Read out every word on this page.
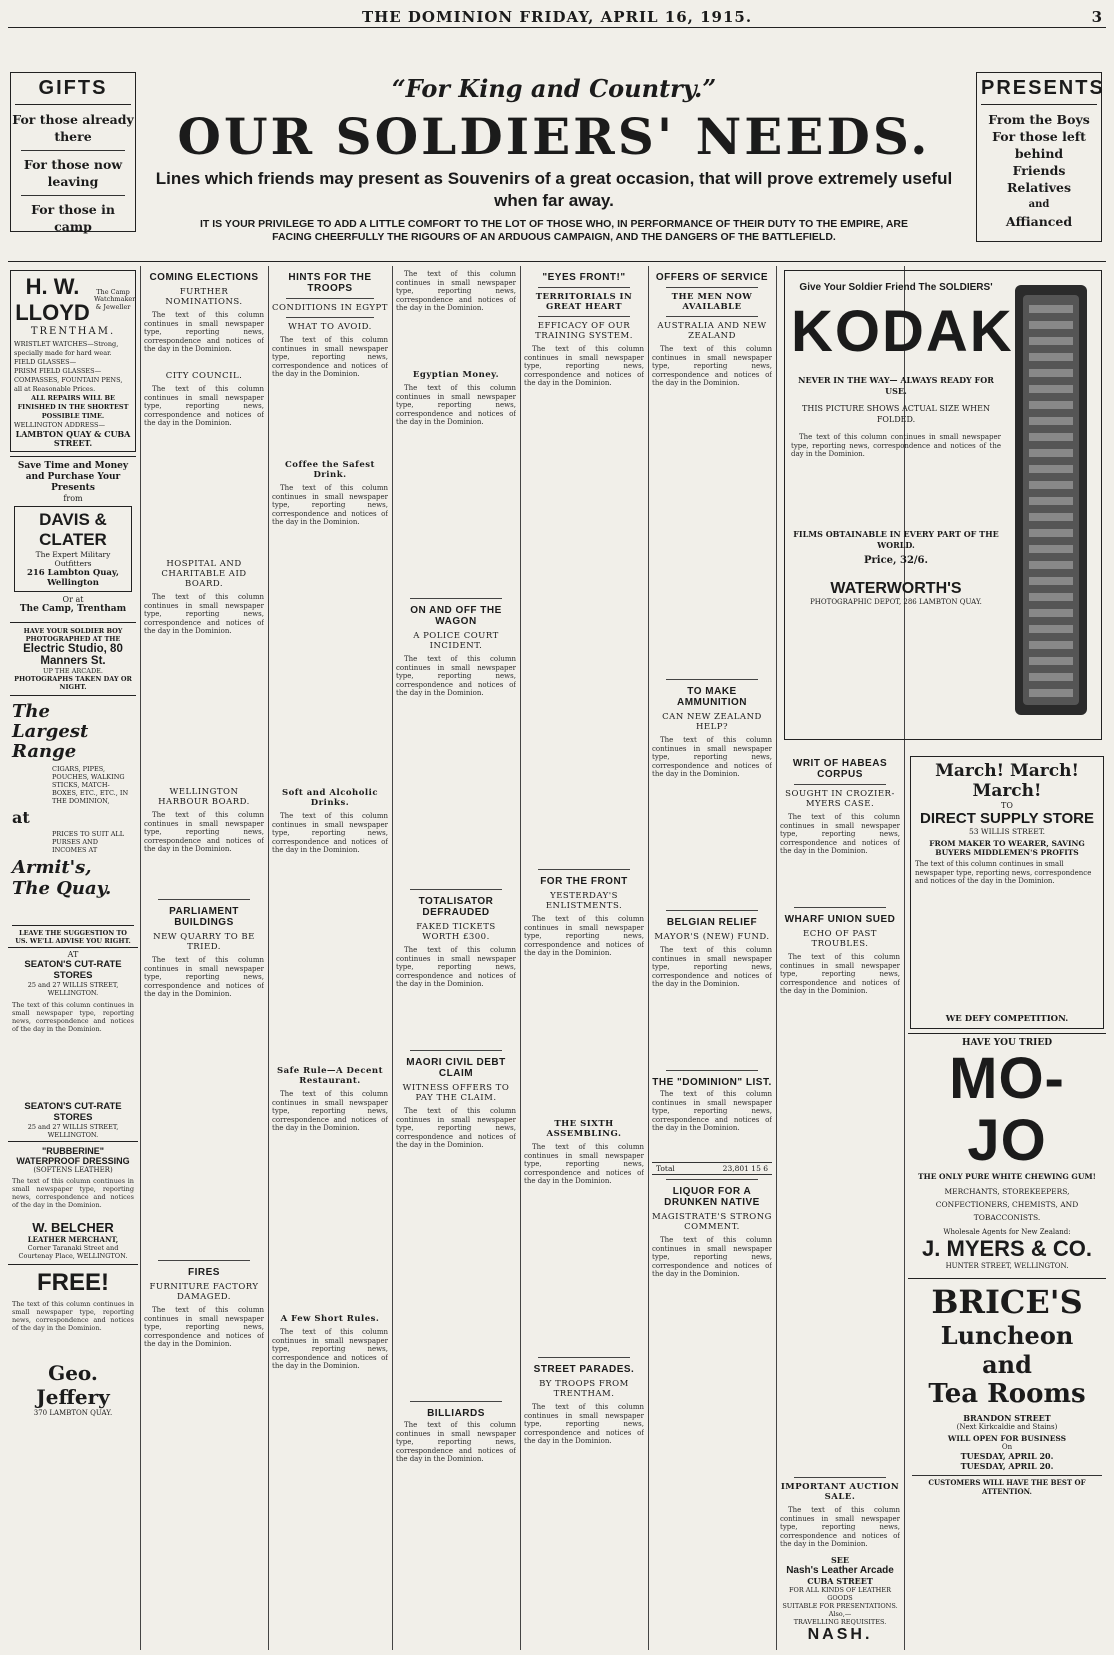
THE DOMINION FRIDAY, APRIL 16, 1915.	3
GIFTS
For those already there
For those now leaving
For those in camp
“For King and Country.”
OUR SOLDIERS' NEEDS.
Lines which friends may present as Souvenirs of a great occasion, that will prove extremely useful when far away.
IT IS YOUR PRIVILEGE TO ADD A LITTLE COMFORT TO THE LOT OF THOSE WHO, IN PERFORMANCE OF THEIR DUTY TO THE EMPIRE, ARE FACING CHEERFULLY THE RIGOURS OF AN ARDUOUS CAMPAIGN, AND THE DANGERS OF THE BATTLEFIELD.
PRESENTS
From the Boys
For those left behind
Friends
Relatives
and
Affianced
H. W. LLOYD
The Camp Watchmaker & Jeweller
TRENTHAM.
WRISTLET WATCHES—Strong, specially made for hard wear.
FIELD GLASSES—
PRISM FIELD GLASSES—
COMPASSES, FOUNTAIN PENS, all at Reasonable Prices.
ALL REPAIRS WILL BE FINISHED IN THE SHORTEST POSSIBLE TIME.
WELLINGTON ADDRESS—
LAMBTON QUAY & CUBA STREET.
Save Time and Money and Purchase Your Presents
from
DAVIS & CLATER
The Expert Military Outfitters
216 Lambton Quay, Wellington
Or at
The Camp, Trentham
HAVE YOUR SOLDIER BOY PHOTOGRAPHED AT THE
Electric Studio, 80 Manners St.
UP THE ARCADE.
PHOTOGRAPHS TAKEN DAY OR NIGHT.
The
Largest
Range
CIGARS, PIPES, POUCHES, WALKING STICKS, MATCH-BOXES, ETC., ETC., IN THE DOMINION,
at
PRICES TO SUIT ALL PURSES AND INCOMES AT
Armit's,
The Quay.
LEAVE THE SUGGESTION TO US. WE'LL ADVISE YOU RIGHT.
AT
SEATON'S CUT-RATE STORES
25 and 27 WILLIS STREET, WELLINGTON.
The text of this column continues in small newspaper type, reporting news, correspondence and notices of the day in the Dominion.
SEATON'S CUT-RATE STORES
25 and 27 WILLIS STREET, WELLINGTON.
"RUBBERINE" WATERPROOF DRESSING
(SOFTENS LEATHER)
The text of this column continues in small newspaper type, reporting news, correspondence and notices of the day in the Dominion.
W. BELCHER
LEATHER MERCHANT,
Corner Taranaki Street and Courtenay Place, WELLINGTON.
FREE!
The text of this column continues in small newspaper type, reporting news, correspondence and notices of the day in the Dominion.
Geo. Jeffery
370 LAMBTON QUAY.
COMING ELECTIONS
FURTHER NOMINATIONS.
The text of this column continues in small newspaper type, reporting news, correspondence and notices of the day in the Dominion.
CITY COUNCIL.
The text of this column continues in small newspaper type, reporting news, correspondence and notices of the day in the Dominion.
HOSPITAL AND CHARITABLE AID BOARD.
The text of this column continues in small newspaper type, reporting news, correspondence and notices of the day in the Dominion.
WELLINGTON HARBOUR BOARD.
The text of this column continues in small newspaper type, reporting news, correspondence and notices of the day in the Dominion.
PARLIAMENT BUILDINGS
NEW QUARRY TO BE TRIED.
The text of this column continues in small newspaper type, reporting news, correspondence and notices of the day in the Dominion.
FIRES
FURNITURE FACTORY DAMAGED.
The text of this column continues in small newspaper type, reporting news, correspondence and notices of the day in the Dominion.
HINTS FOR THE TROOPS
CONDITIONS IN EGYPT
WHAT TO AVOID.
The text of this column continues in small newspaper type, reporting news, correspondence and notices of the day in the Dominion.
Coffee the Safest Drink.
The text of this column continues in small newspaper type, reporting news, correspondence and notices of the day in the Dominion.
Soft and Alcoholic Drinks.
The text of this column continues in small newspaper type, reporting news, correspondence and notices of the day in the Dominion.
Safe Rule—A Decent Restaurant.
The text of this column continues in small newspaper type, reporting news, correspondence and notices of the day in the Dominion.
A Few Short Rules.
The text of this column continues in small newspaper type, reporting news, correspondence and notices of the day in the Dominion.
The text of this column continues in small newspaper type, reporting news, correspondence and notices of the day in the Dominion.
Egyptian Money.
The text of this column continues in small newspaper type, reporting news, correspondence and notices of the day in the Dominion.
ON AND OFF THE WAGON
A POLICE COURT INCIDENT.
The text of this column continues in small newspaper type, reporting news, correspondence and notices of the day in the Dominion.
TOTALISATOR DEFRAUDED
FAKED TICKETS WORTH £300.
The text of this column continues in small newspaper type, reporting news, correspondence and notices of the day in the Dominion.
MAORI CIVIL DEBT CLAIM
WITNESS OFFERS TO PAY THE CLAIM.
The text of this column continues in small newspaper type, reporting news, correspondence and notices of the day in the Dominion.
BILLIARDS
The text of this column continues in small newspaper type, reporting news, correspondence and notices of the day in the Dominion.
"EYES FRONT!"
TERRITORIALS IN GREAT HEART
EFFICACY OF OUR TRAINING SYSTEM.
The text of this column continues in small newspaper type, reporting news, correspondence and notices of the day in the Dominion.
FOR THE FRONT
YESTERDAY'S ENLISTMENTS.
The text of this column continues in small newspaper type, reporting news, correspondence and notices of the day in the Dominion.
THE SIXTH ASSEMBLING.
The text of this column continues in small newspaper type, reporting news, correspondence and notices of the day in the Dominion.
STREET PARADES.
BY TROOPS FROM TRENTHAM.
The text of this column continues in small newspaper type, reporting news, correspondence and notices of the day in the Dominion.
OFFERS OF SERVICE
THE MEN NOW AVAILABLE
AUSTRALIA AND NEW ZEALAND
The text of this column continues in small newspaper type, reporting news, correspondence and notices of the day in the Dominion.
TO MAKE AMMUNITION
CAN NEW ZEALAND HELP?
The text of this column continues in small newspaper type, reporting news, correspondence and notices of the day in the Dominion.
BELGIAN RELIEF
MAYOR'S (NEW) FUND.
The text of this column continues in small newspaper type, reporting news, correspondence and notices of the day in the Dominion.
THE "DOMINION" LIST.
The text of this column continues in small newspaper type, reporting news, correspondence and notices of the day in the Dominion.
Total	23,801 15 6
LIQUOR FOR A DRUNKEN NATIVE
MAGISTRATE'S STRONG COMMENT.
The text of this column continues in small newspaper type, reporting news, correspondence and notices of the day in the Dominion.
Give Your Soldier Friend The SOLDIERS'
KODAK
NEVER IN THE WAY— ALWAYS READY FOR USE.
THIS PICTURE SHOWS ACTUAL SIZE WHEN FOLDED.
The text of this column continues in small newspaper type, reporting news, correspondence and notices of the day in the Dominion.
FILMS OBTAINABLE IN EVERY PART OF THE WORLD.
Price, 32/6.
WATERWORTH'S
PHOTOGRAPHIC DEPOT, 286 LAMBTON QUAY.
WRIT OF HABEAS CORPUS
SOUGHT IN CROZIER-MYERS CASE.
The text of this column continues in small newspaper type, reporting news, correspondence and notices of the day in the Dominion.
WHARF UNION SUED
ECHO OF PAST TROUBLES.
The text of this column continues in small newspaper type, reporting news, correspondence and notices of the day in the Dominion.
IMPORTANT AUCTION SALE.
The text of this column continues in small newspaper type, reporting news, correspondence and notices of the day in the Dominion.
March! March! March!
TO
DIRECT SUPPLY STORE
53 WILLIS STREET.
FROM MAKER TO WEARER, SAVING BUYERS MIDDLEMEN'S PROFITS
The text of this column continues in small newspaper type, reporting news, correspondence and notices of the day in the Dominion.
WE DEFY COMPETITION.
HAVE YOU TRIED
MO-JO
THE ONLY PURE WHITE CHEWING GUM!
MERCHANTS, STOREKEEPERS, CONFECTIONERS, CHEMISTS, AND TOBACCONISTS.
Wholesale Agents for New Zealand:
J. MYERS & CO.
HUNTER STREET, WELLINGTON.
BRICE'S
Luncheon and
Tea Rooms
BRANDON STREET
(Next Kirkcaldie and Stains)
WILL OPEN FOR BUSINESS
On
TUESDAY, APRIL 20.
TUESDAY, APRIL 20.
CUSTOMERS WILL HAVE THE BEST OF ATTENTION.
SEE
Nash's Leather Arcade
CUBA STREET
FOR ALL KINDS OF LEATHER GOODS
SUITABLE FOR PRESENTATIONS.
Also,—
TRAVELLING REQUISITES.
NASH.
